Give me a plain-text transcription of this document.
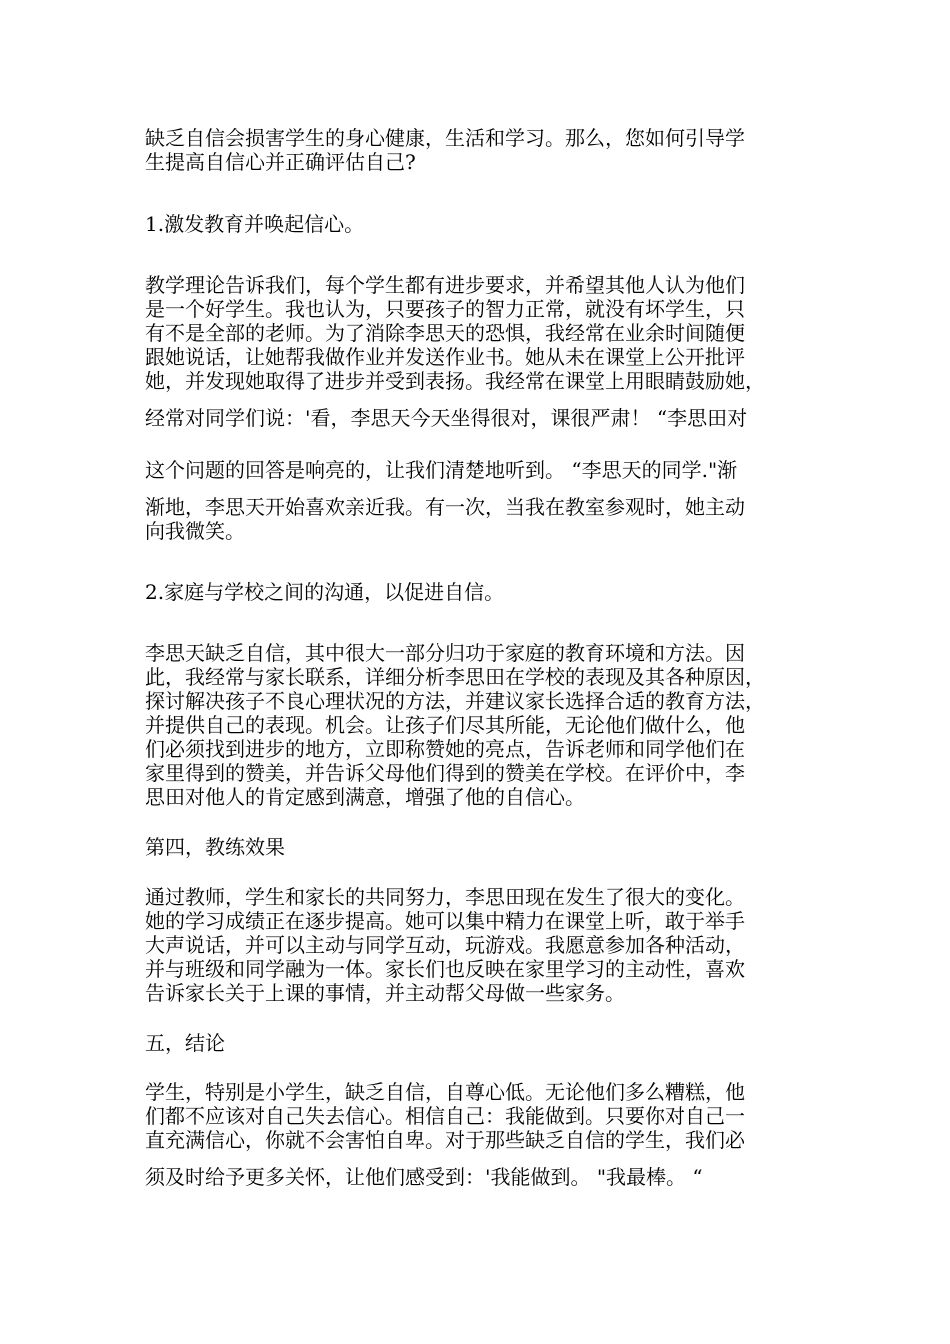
缺乏自信会损害学生的身心健康，生活和学习。那么，您如何引导学

生提高自信心并正确评估自己?

1.激发教育并唤起信心。

教学理论告诉我们，每个学生都有进步要求，并希望其他人认为他们

是一个好学生。我也认为，只要孩子的智力正常，就没有坏学生，只

有不是全部的老师。为了消除李思天的恐惧，我经常在业余时间随便

跟她说话，让她帮我做作业并发送作业书。她从未在课堂上公开批评

她，并发现她取得了进步并受到表扬。我经常在课堂上用眼睛鼓励她，

经常对同学们说：'看，李思天今天坐得很对，课很严肃！ “李思田对

这个问题的回答是响亮的，让我们清楚地听到。 “李思天的同学."渐

渐地，李思天开始喜欢亲近我。有一次，当我在教室参观时，她主动

向我微笑。

2.家庭与学校之间的沟通，以促进自信。

李思天缺乏自信，其中很大一部分归功于家庭的教育环境和方法。因

此，我经常与家长联系，详细分析李思田在学校的表现及其各种原因，

探讨解决孩子不良心理状况的方法，并建议家长选择合适的教育方法，

并提供自己的表现。机会。让孩子们尽其所能，无论他们做什么，他

们必须找到进步的地方，立即称赞她的亮点，告诉老师和同学他们在

家里得到的赞美，并告诉父母他们得到的赞美在学校。在评价中，李

思田对他人的肯定感到满意，增强了他的自信心。

第四，教练效果

通过教师，学生和家长的共同努力，李思田现在发生了很大的变化。

她的学习成绩正在逐步提高。她可以集中精力在课堂上听，敢于举手

大声说话，并可以主动与同学互动，玩游戏。我愿意参加各种活动，

并与班级和同学融为一体。家长们也反映在家里学习的主动性，喜欢

告诉家长关于上课的事情，并主动帮父母做一些家务。

五，结论

学生，特别是小学生，缺乏自信，自尊心低。无论他们多么糟糕，他

们都不应该对自己失去信心。相信自己：我能做到。只要你对自己一

直充满信心，你就不会害怕自卑。对于那些缺乏自信的学生，我们必

须及时给予更多关怀，让他们感受到：'我能做到。 "我最棒。 “
